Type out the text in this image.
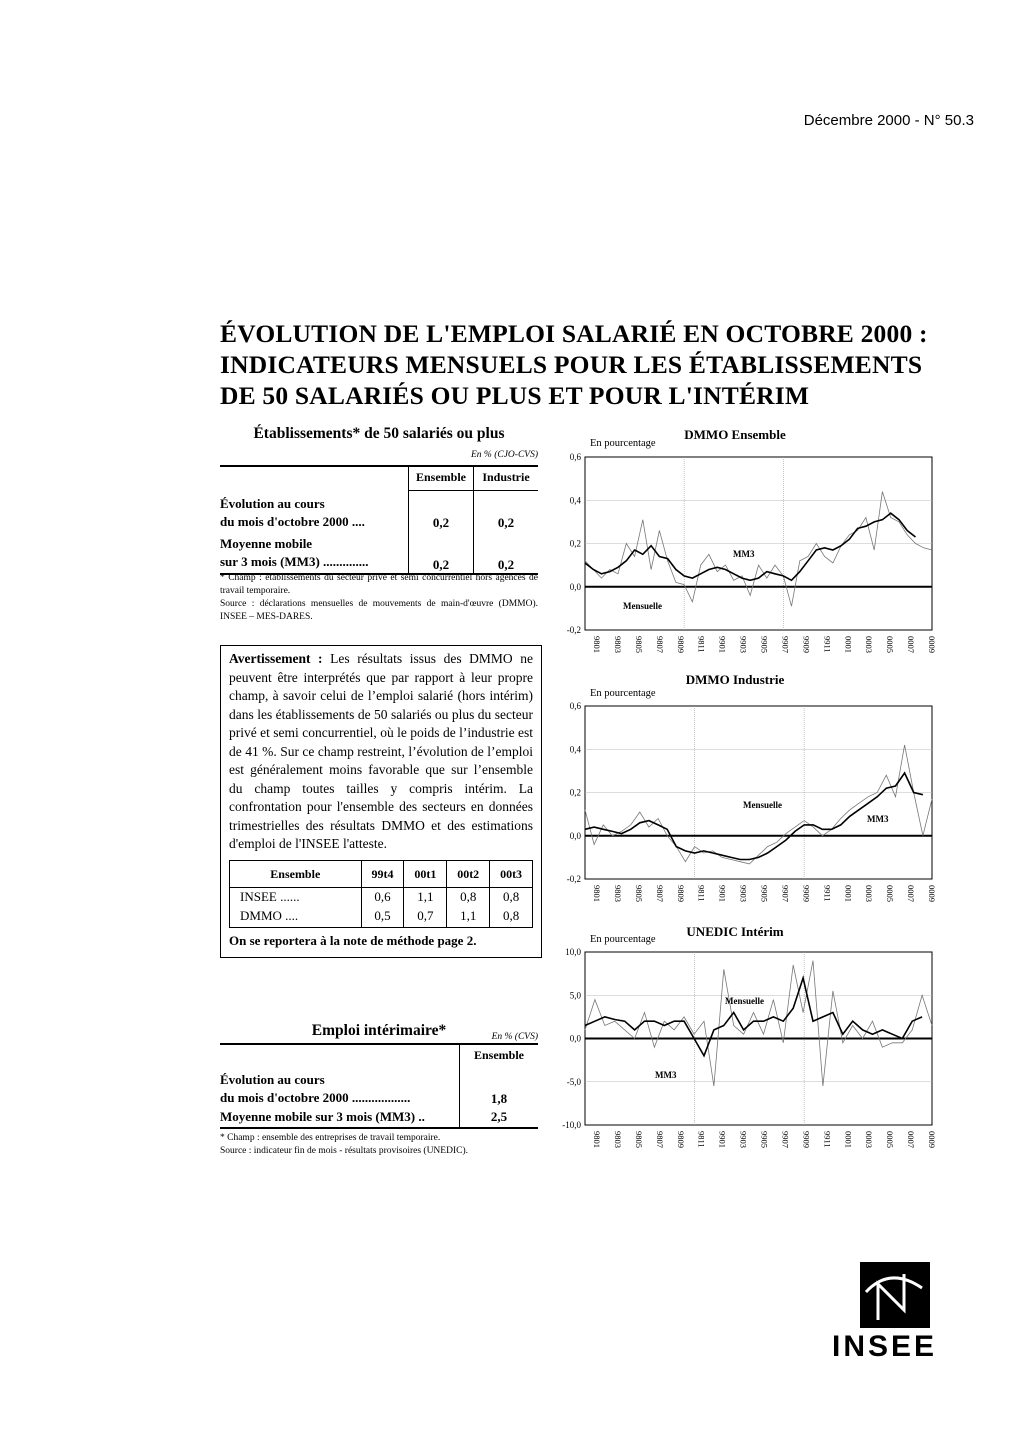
Décembre 2000 - N° 50.3
ÉVOLUTION DE L'EMPLOI SALARIÉ EN OCTOBRE 2000 :
INDICATEURS MENSUELS POUR LES ÉTABLISSEMENTS
DE 50 SALARIÉS OU PLUS ET POUR L'INTÉRIM
Établissements* de 50 salariés ou plus
En % (CJO-CVS)
	Ensemble	Industrie

Évolution au cours
du mois d'octobre 2000 ....	0,2	0,2

Moyenne mobile
sur 3 mois (MM3) ..............	0,2	0,2
* Champ : établissements du secteur privé et semi concurrentiel hors agences de travail temporaire.
Source : déclarations mensuelles de mouvements de main-d'œuvre (DMMO). INSEE – MES-DARES.
Avertissement : Les résultats issus des DMMO ne peuvent être interprétés que par rapport à leur propre champ, à savoir celui de l’emploi salarié (hors intérim) dans les établissements de 50 salariés ou plus du secteur privé et semi concurrentiel, où le poids de l’industrie est de 41 %. Sur ce champ restreint, l’évolution de l’emploi est généralement moins favorable que sur l’ensemble du champ toutes tailles y compris intérim. La confrontation pour l'ensemble des secteurs en données trimestrielles des résultats DMMO et des estimations d'emploi de l'INSEE l'atteste.
Ensemble	99t4	00t1	00t2	00t3
INSEE ......	0,6	1,1	0,8	0,8
DMMO ....	0,5	0,7	1,1	0,8
On se reportera à la note de méthode page 2.
Emploi intérimaire*	En % (CVS)
	Ensemble

Évolution au cours
du mois d'octobre 2000 ..................	1,8
Moyenne mobile sur 3 mois (MM3) ..	2,5
* Champ : ensemble des entreprises de travail temporaire.
Source : indicateur fin de mois - résultats provisoires (UNEDIC).
DMMO Ensemble
En pourcentage
0,6
0,4
0,2
0,0
-0,2
9801 9803 9805 9807 9809 9811 9901 9903 9905 9907 9909 9911 0001 0003 0005 0007 0009
MM3
Mensuelle
DMMO Industrie
En pourcentage
0,6
0,4
0,2
0,0
-0,2
9801 9803 9805 9807 9809 9811 9901 9903 9905 9907 9909 9911 0001 0003 0005 0007 0009
Mensuelle
MM3
UNEDIC Intérim
En pourcentage
10,0
5,0
0,0
-5,0
-10,0
9801 9803 9805 9807 9809 9811 9901 9903 9905 9907 9909 9911 0001 0003 0005 0007 0009
Mensuelle
MM3
INSEE
